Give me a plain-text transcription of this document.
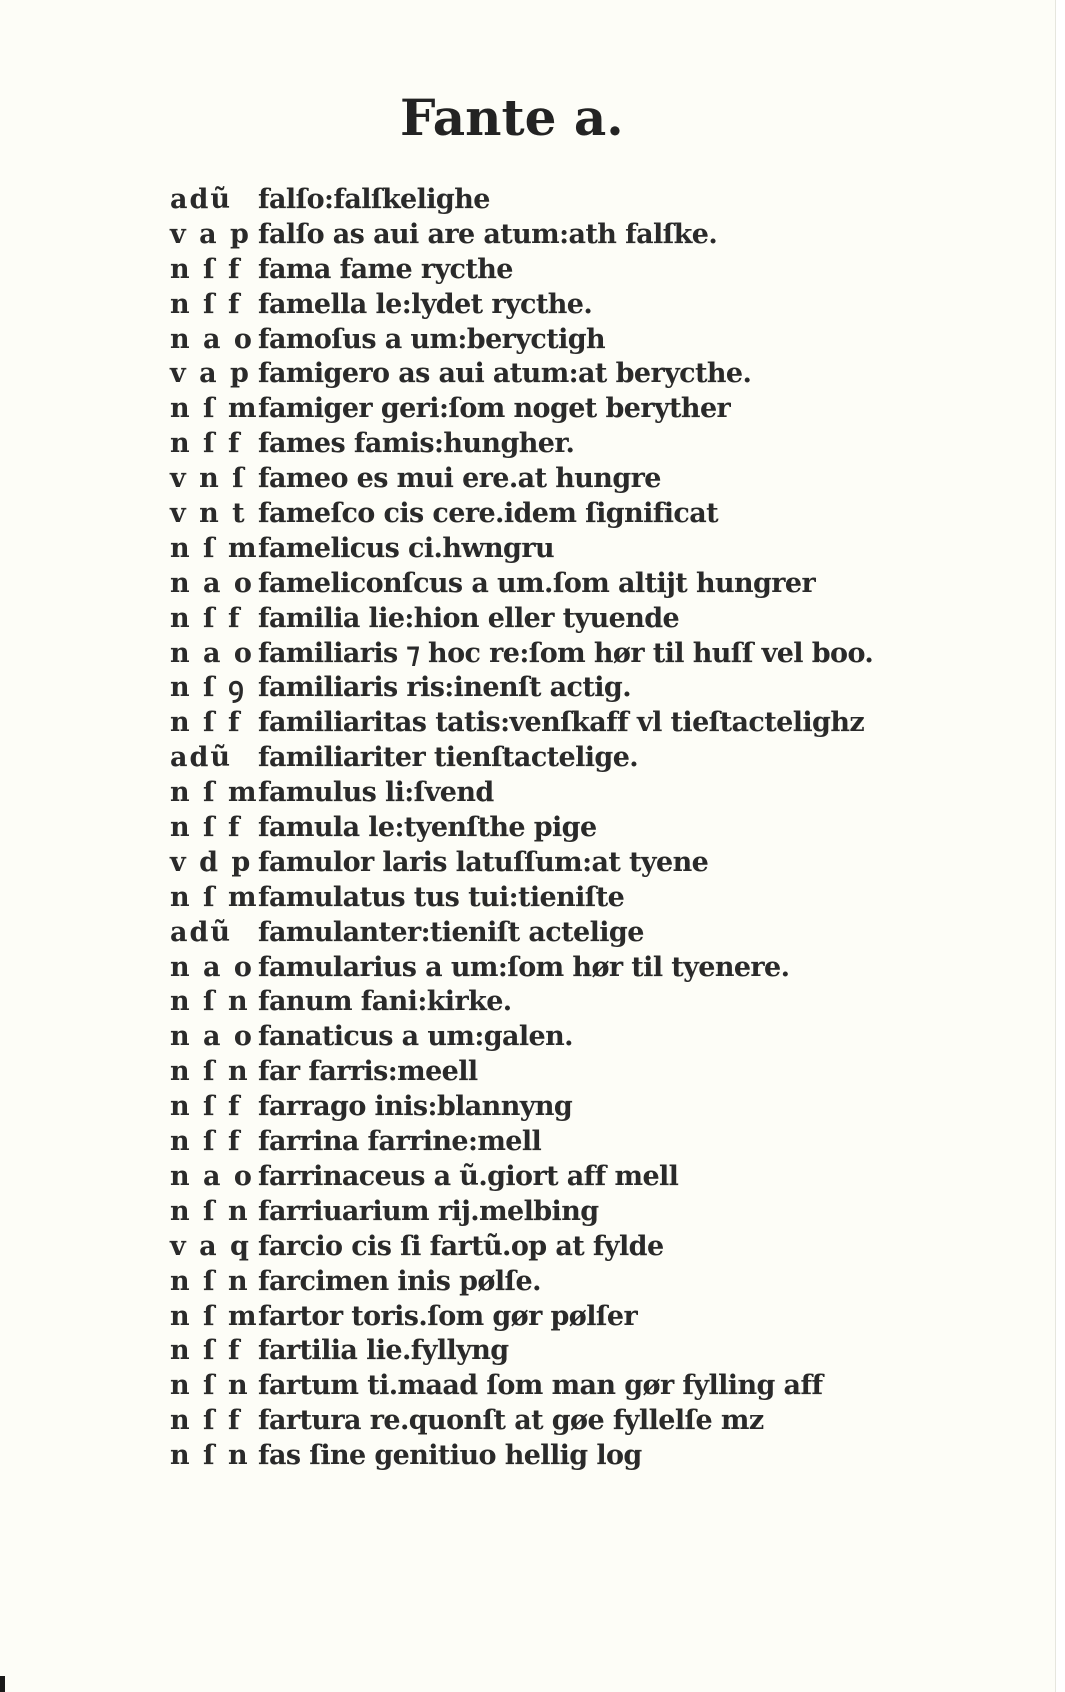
Fante a.
adũ falſo:falſkelighe
v a p falſo as aui are atum:ath falſke.
n ſ f fama fame rycthe
n ſ f famella le:lydet rycthe.
n a o famoſus a um:beryctigh
v a p famigero as aui atum:at berycthe.
n ſ mfamiger geri:ſom noget beryther
n ſ f fames famis:hungher.
v n ſ fameo es mui ere.at hungre
v n t fameſco cis cere.idem ſignificat
n ſ mfamelicus ci.hwngru
n a o fameliconſcus a um.ſom altijt hungrer
n ſ f familia lie:hion eller tyuende
n a o familiaris ⁊ hoc re:ſom hør til huſſ vel boo.
n ſ ꝯ familiaris ris:inenſt actig.
n ſ f familiaritas tatis:venſkaff vl tieſtactelighz
adũ familiariter tienſtactelige.
n ſ mfamulus li:ſvend
n ſ f famula le:tyenſthe pige
v d p famulor laris latuſſum:at tyene
n ſ mfamulatus tus tui:tieniſte
adũ famulanter:tieniſt actelige
n a o famularius a um:ſom hør til tyenere.
n ſ n fanum fani:kirke.
n a o fanaticus a um:galen.
n ſ n far farris:meell
n ſ f farrago inis:blannyng
n ſ f farrina farrine:mell
n a o farrinaceus a ũ.giort aff mell
n ſ n farriuarium rij.melbing
v a q farcio cis ſi fartũ.op at fylde
n ſ n farcimen inis pølſe.
n ſ mfartor toris.ſom gør pølſer
n ſ f fartilia lie.fyllyng
n ſ n fartum ti.maad ſom man gør fylling aff
n ſ f fartura re.quonſt at gøe fyllelſe mz
n ſ n fas ſine genitiuo hellig log
